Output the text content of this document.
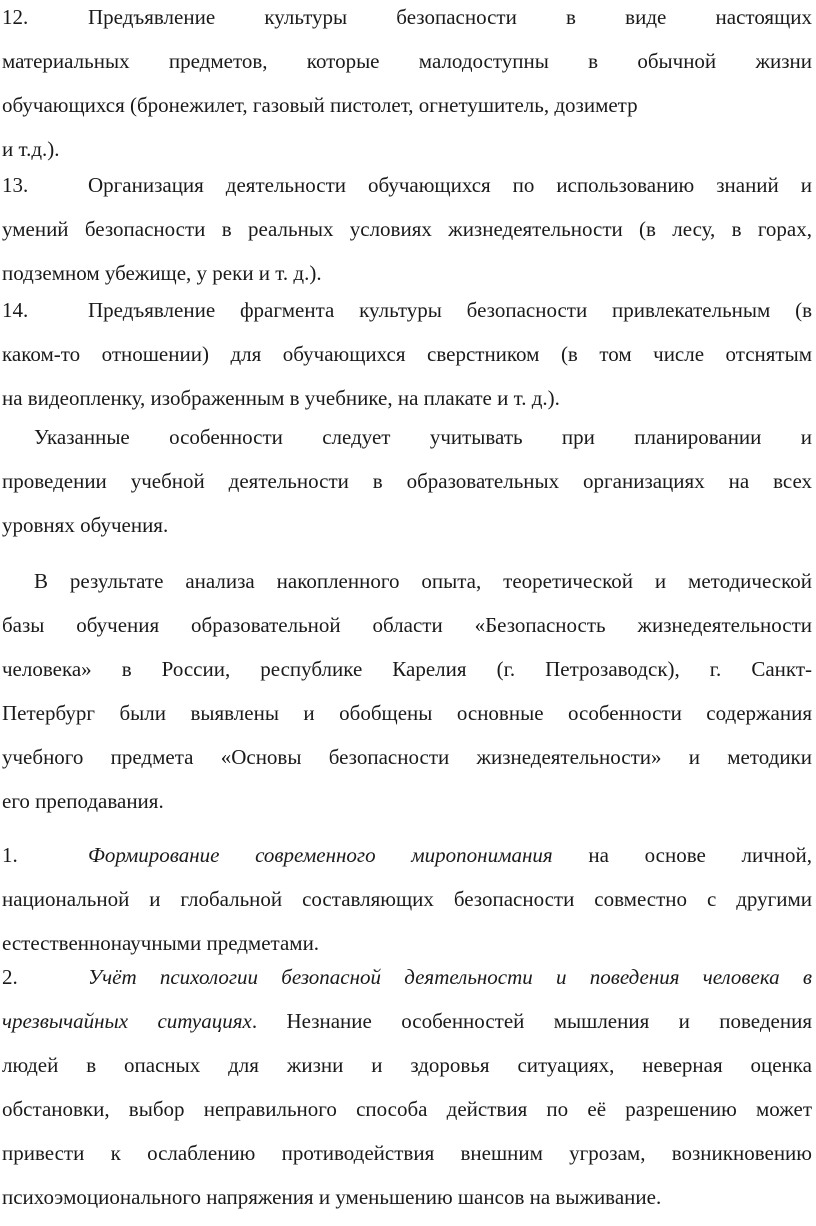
12.	Предъявление культуры безопасности в виде настоящих
материальных предметов, которые малодоступны в обычной жизни
обучающихся (бронежилет, газовый пистолет, огнетушитель, дозиметр
и т.д.).
13.	Организация деятельности обучающихся по использованию знаний и
умений безопасности в реальных условиях жизнедеятельности (в лесу, в горах,
подземном убежище, у реки и т. д.).
14.	Предъявление фрагмента культуры безопасности привлекательным (в
каком-то отношении) для обучающихся сверстником (в том числе отснятым
на видеопленку, изображенным в учебнике, на плакате и т. д.).
Указанные особенности следует учитывать при планировании и
проведении учебной деятельности в образовательных организациях на всех
уровнях обучения.
В результате анализа накопленного опыта, теоретической и методической
базы обучения образовательной области «Безопасность жизнедеятельности
человека» в России, республике Карелия (г. Петрозаводск), г. Санкт-
Петербург были выявлены и обобщены основные особенности содержания
учебного предмета «Основы безопасности жизнедеятельности» и методики
его преподавания.
1.	Формирование современного миропонимания на основе личной,
национальной и глобальной составляющих безопасности совместно с другими
естественнонаучными предметами.
2.	Учёт психологии безопасной деятельности и поведения человека в
чрезвычайных ситуациях. Незнание особенностей мышления и поведения
людей в опасных для жизни и здоровья ситуациях, неверная оценка
обстановки, выбор неправильного способа действия по её разрешению может
привести к ослаблению противодействия внешним угрозам, возникновению
психоэмоционального напряжения и уменьшению шансов на выживание.
